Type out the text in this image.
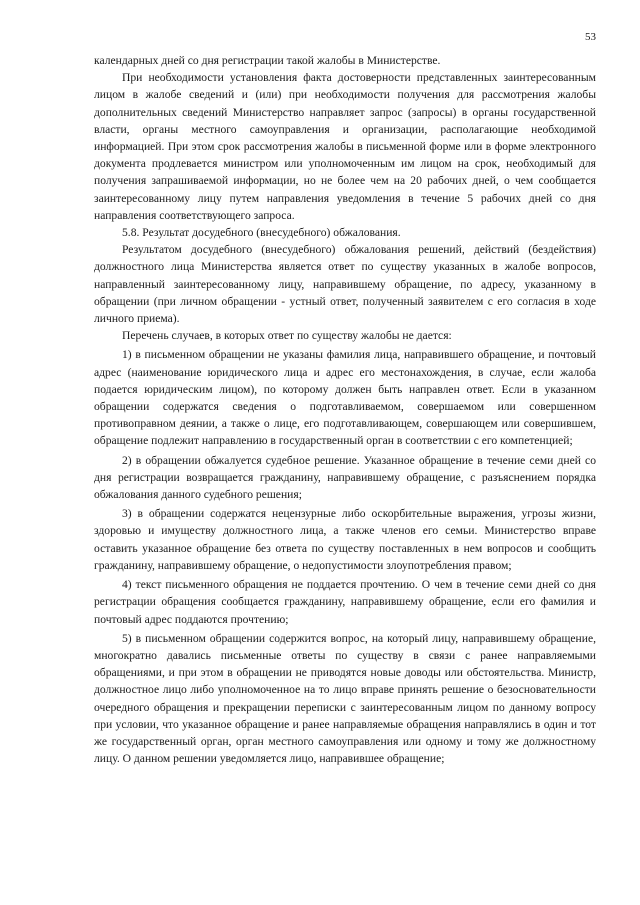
53

календарных дней со дня регистрации такой жалобы в Министерстве.

При необходимости установления факта достоверности представленных заинтересованным лицом в жалобе сведений и (или) при необходимости получения для рассмотрения жалобы дополнительных сведений Министерство направляет запрос (запросы) в органы государственной власти, органы местного самоуправления и организации, располагающие необходимой информацией. При этом срок рассмотрения жалобы в письменной форме или в форме электронного документа продлевается министром или уполномоченным им лицом на срок, необходимый для получения запрашиваемой информации, но не более чем на 20 рабочих дней, о чем сообщается заинтересованному лицу путем направления уведомления в течение 5 рабочих дней со дня направления соответствующего запроса.

5.8. Результат досудебного (внесудебного) обжалования.

Результатом досудебного (внесудебного) обжалования решений, действий (бездействия) должностного лица Министерства является ответ по существу указанных в жалобе вопросов, направленный заинтересованному лицу, направившему обращение, по адресу, указанному в обращении (при личном обращении - устный ответ, полученный заявителем с его согласия в ходе личного приема).

Перечень случаев, в которых ответ по существу жалобы не дается:

1) в письменном обращении не указаны фамилия лица, направившего обращение, и почтовый адрес (наименование юридического лица и адрес его местонахождения, в случае, если жалоба подается юридическим лицом), по которому должен быть направлен ответ. Если в указанном обращении содержатся сведения о подготавливаемом, совершаемом или совершенном противоправном деянии, а также о лице, его подготавливающем, совершающем или совершившем, обращение подлежит направлению в государственный орган в соответствии с его компетенцией;

2) в обращении обжалуется судебное решение. Указанное обращение в течение семи дней со дня регистрации возвращается гражданину, направившему обращение, с разъяснением порядка обжалования данного судебного решения;

3) в обращении содержатся нецензурные либо оскорбительные выражения, угрозы жизни, здоровью и имуществу должностного лица, а также членов его семьи. Министерство вправе оставить указанное обращение без ответа по существу поставленных в нем вопросов и сообщить гражданину, направившему обращение, о недопустимости злоупотребления правом;

4) текст письменного обращения не поддается прочтению. О чем в течение семи дней со дня регистрации обращения сообщается гражданину, направившему обращение, если его фамилия и почтовый адрес поддаются прочтению;

5) в письменном обращении содержится вопрос, на который лицу, направившему обращение, многократно давались письменные ответы по существу в связи с ранее направляемыми обращениями, и при этом в обращении не приводятся новые доводы или обстоятельства. Министр, должностное лицо либо уполномоченное на то лицо вправе принять решение о безосновательности очередного обращения и прекращении переписки с заинтересованным лицом по данному вопросу при условии, что указанное обращение и ранее направляемые обращения направлялись в один и тот же государственный орган, орган местного самоуправления или одному и тому же должностному лицу. О данном решении уведомляется лицо, направившее обращение;
